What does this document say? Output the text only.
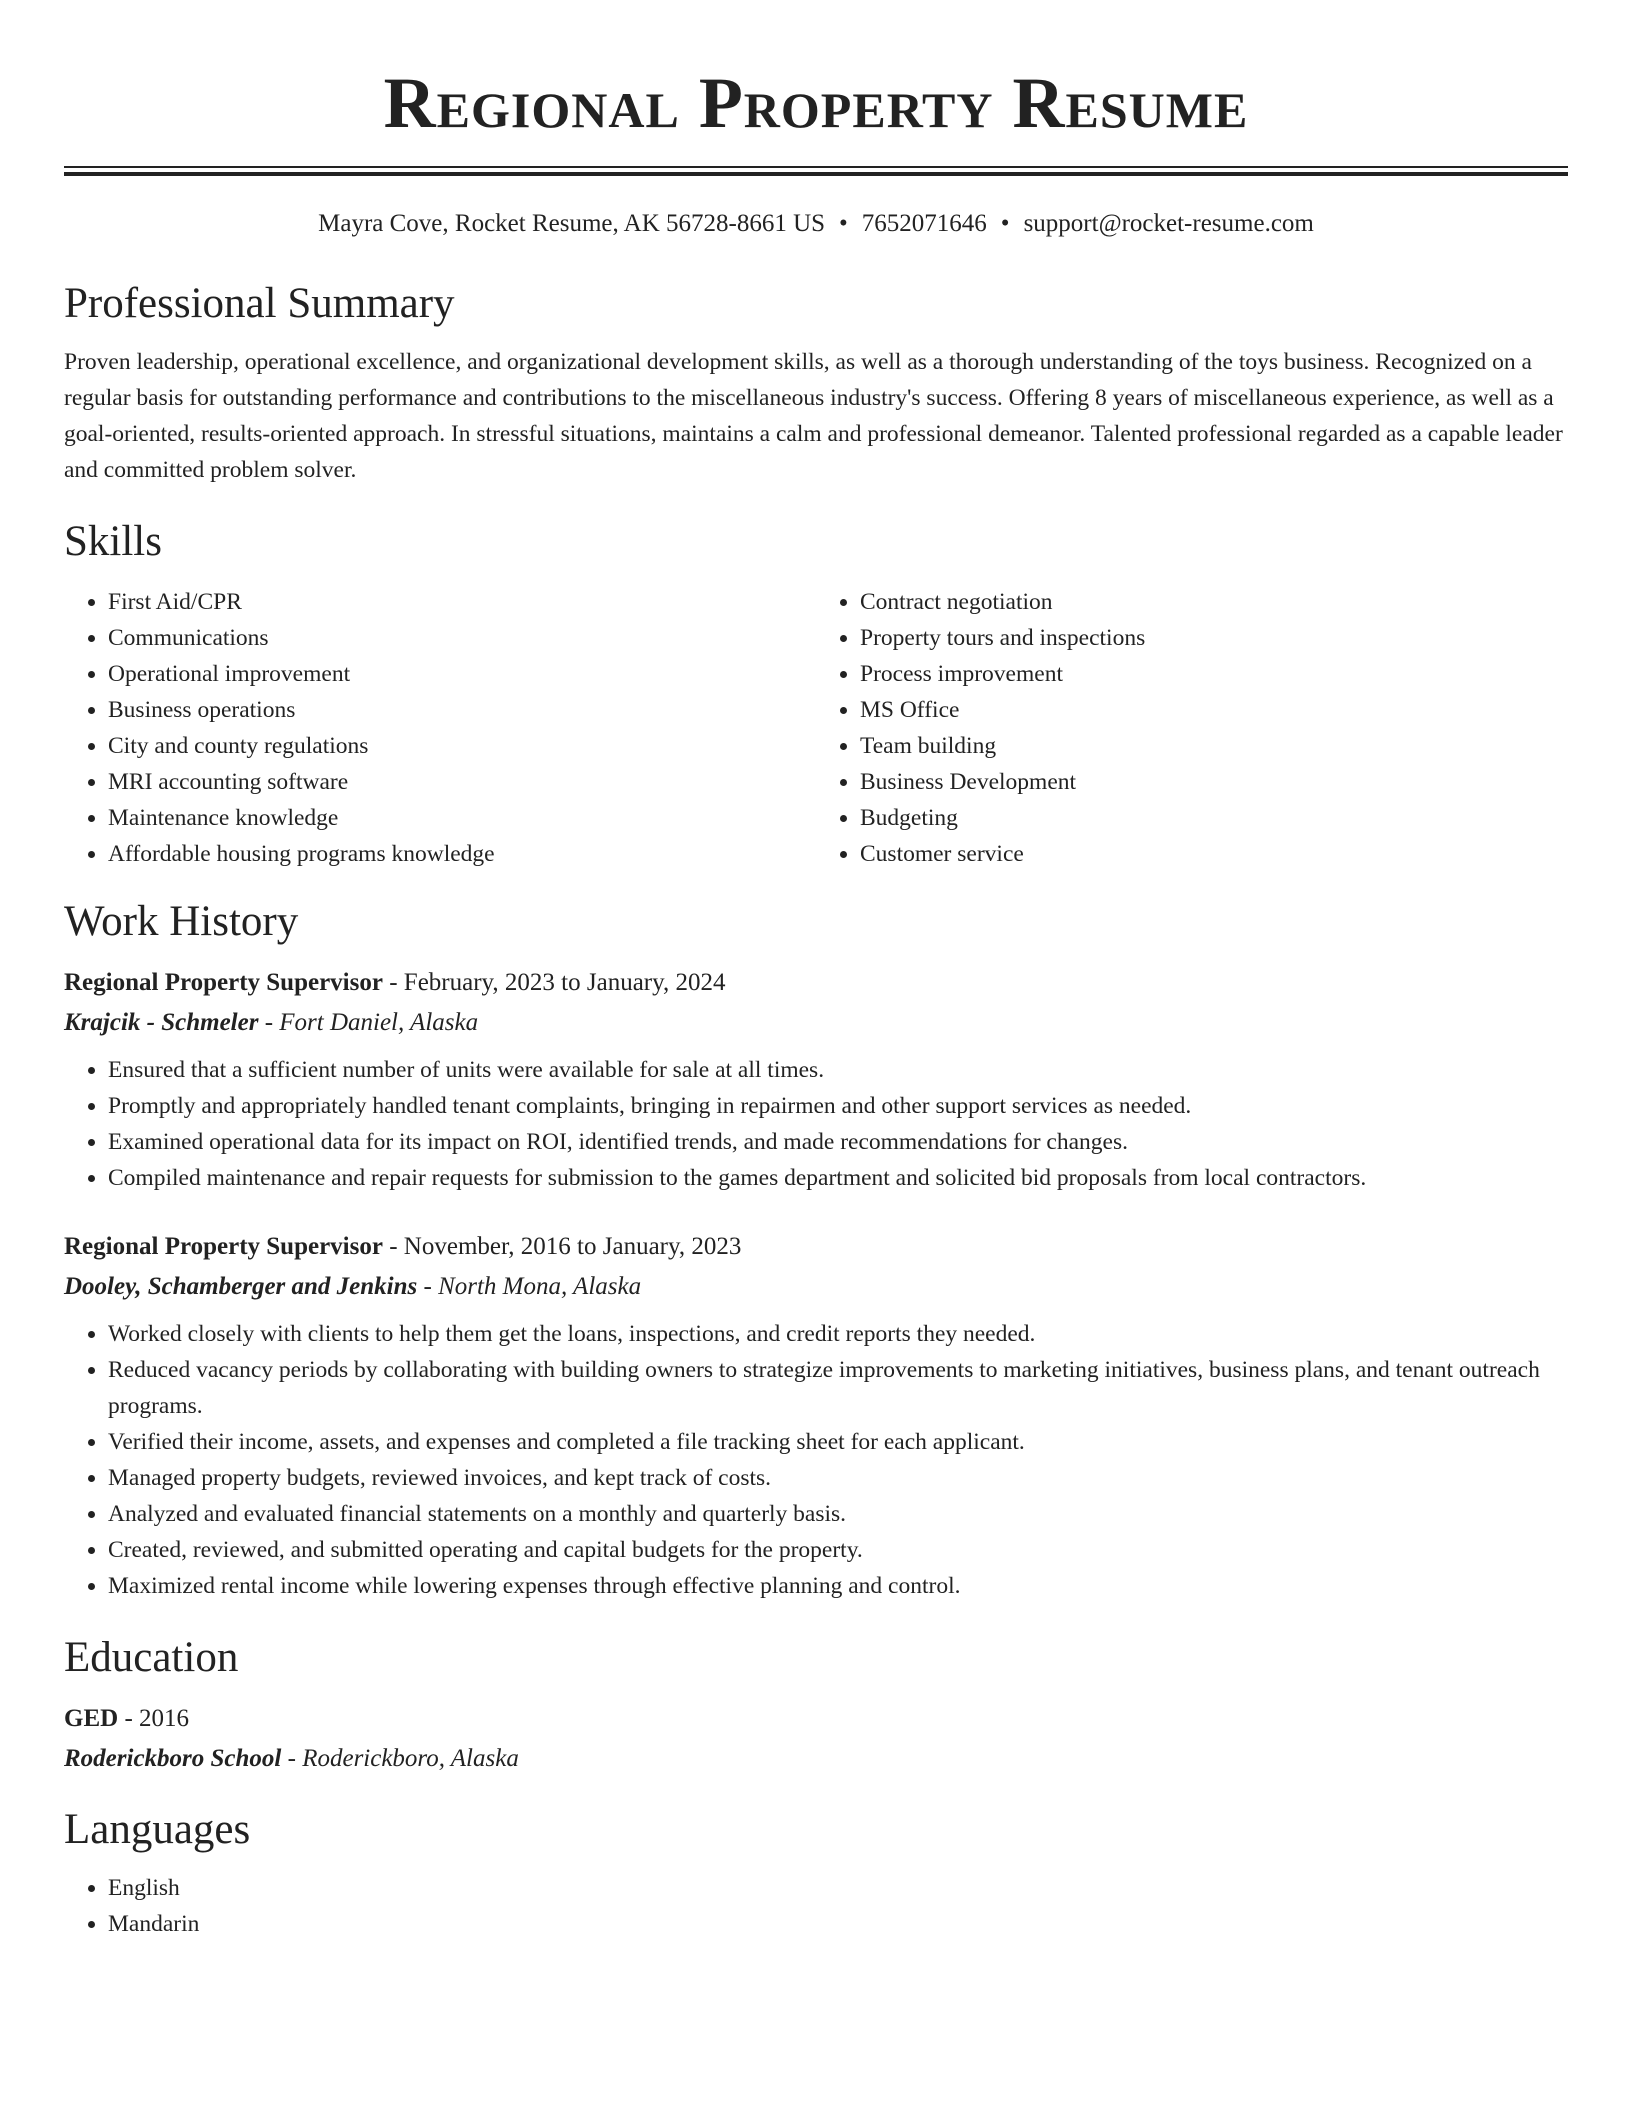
Regional Property Resume
Mayra Cove, Rocket Resume, AK 56728-8661 US • 7652071646 • support@rocket-resume.com
Professional Summary
Proven leadership, operational excellence, and organizational development skills, as well as a thorough understanding of the toys business. Recognized on a regular basis for outstanding performance and contributions to the miscellaneous industry's success. Offering 8 years of miscellaneous experience, as well as a goal-oriented, results-oriented approach. In stressful situations, maintains a calm and professional demeanor. Talented professional regarded as a capable leader and committed problem solver.
Skills
• First Aid/CPR
• Communications
• Operational improvement
• Business operations
• City and county regulations
• MRI accounting software
• Maintenance knowledge
• Affordable housing programs knowledge
• Contract negotiation
• Property tours and inspections
• Process improvement
• MS Office
• Team building
• Business Development
• Budgeting
• Customer service
Work History
Regional Property Supervisor - February, 2023 to January, 2024
Krajcik - Schmeler - Fort Daniel, Alaska
• Ensured that a sufficient number of units were available for sale at all times.
• Promptly and appropriately handled tenant complaints, bringing in repairmen and other support services as needed.
• Examined operational data for its impact on ROI, identified trends, and made recommendations for changes.
• Compiled maintenance and repair requests for submission to the games department and solicited bid proposals from local contractors.
Regional Property Supervisor - November, 2016 to January, 2023
Dooley, Schamberger and Jenkins - North Mona, Alaska
• Worked closely with clients to help them get the loans, inspections, and credit reports they needed.
• Reduced vacancy periods by collaborating with building owners to strategize improvements to marketing initiatives, business plans, and tenant outreach programs.
• Verified their income, assets, and expenses and completed a file tracking sheet for each applicant.
• Managed property budgets, reviewed invoices, and kept track of costs.
• Analyzed and evaluated financial statements on a monthly and quarterly basis.
• Created, reviewed, and submitted operating and capital budgets for the property.
• Maximized rental income while lowering expenses through effective planning and control.
Education
GED - 2016
Roderickboro School - Roderickboro, Alaska
Languages
• English
• Mandarin
